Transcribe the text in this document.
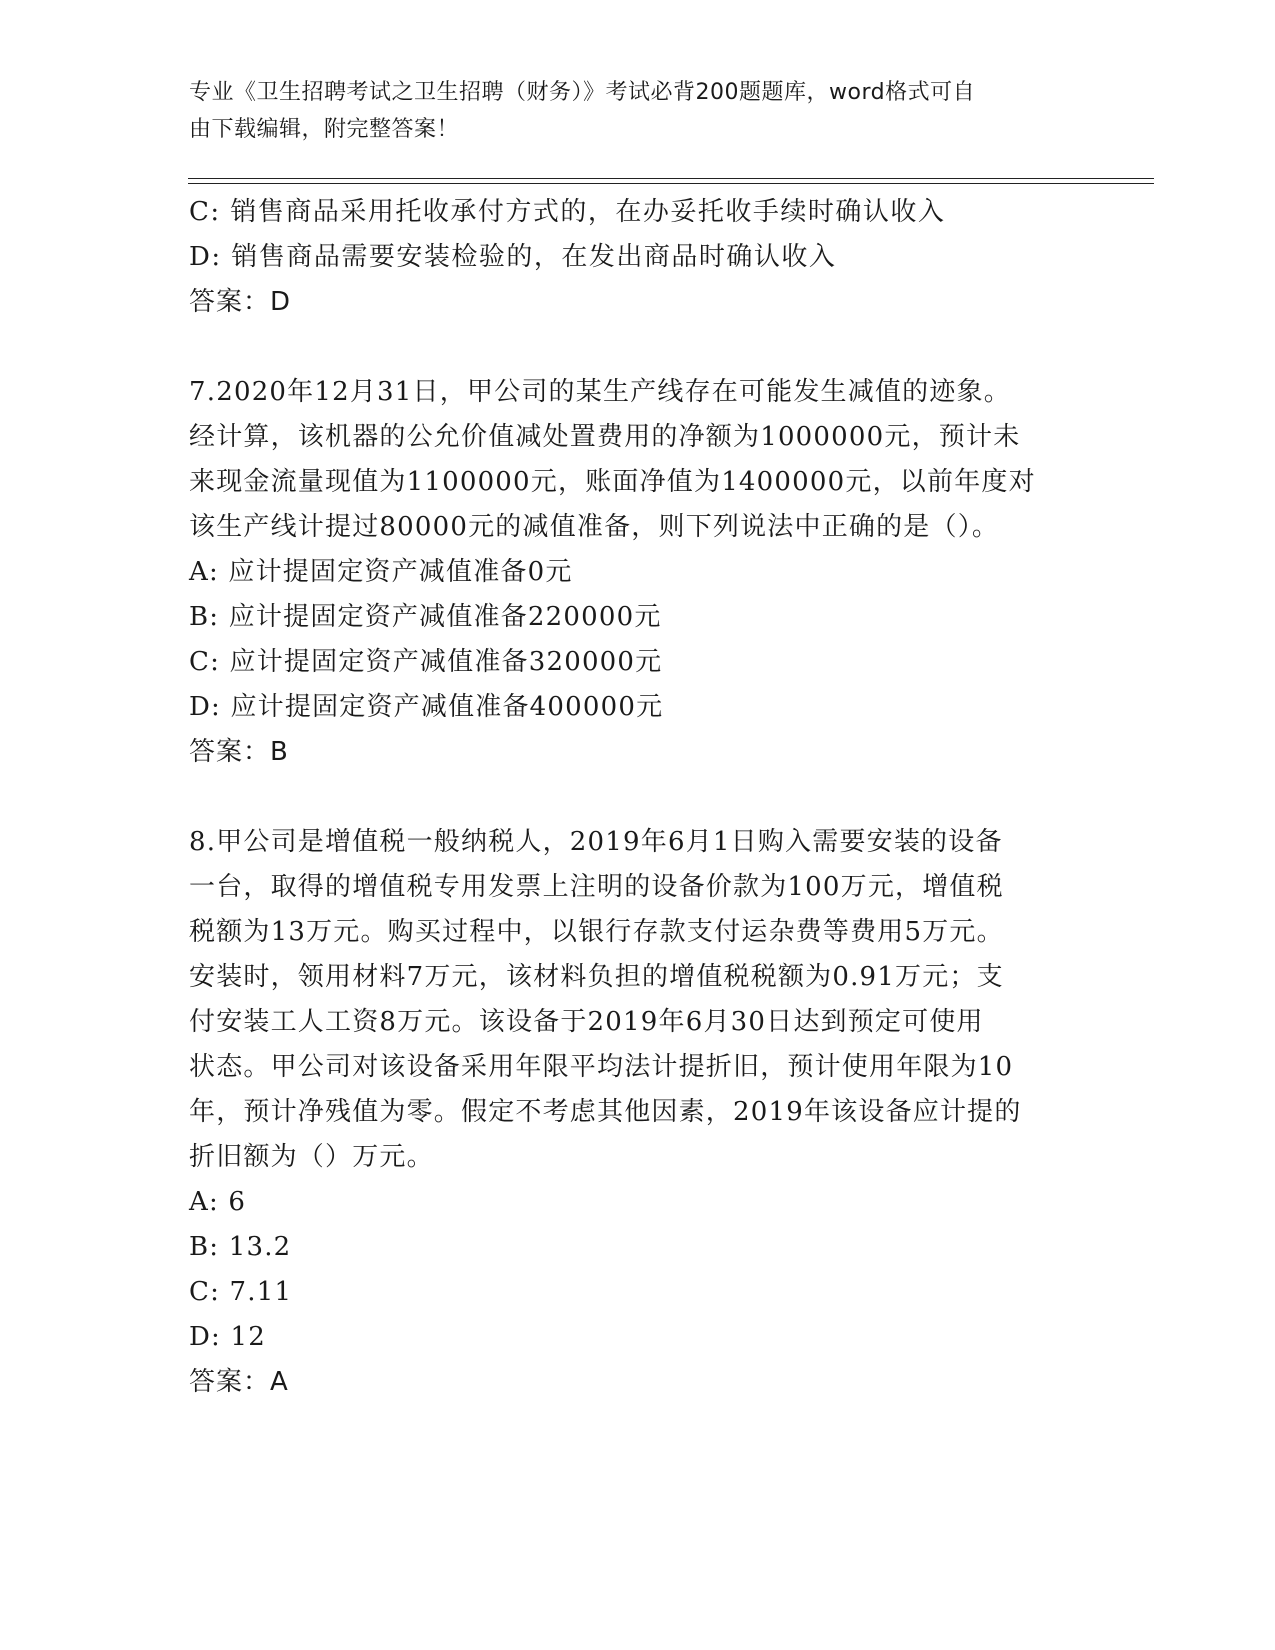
专业《卫生招聘考试之卫生招聘（财务）》考试必背200题题库，word格式可自
由下载编辑，附完整答案！
C: 销售商品采用托收承付方式的，在办妥托收手续时确认收入
D: 销售商品需要安装检验的，在发出商品时确认收入
答案：D
7.2020年12月31日，甲公司的某生产线存在可能发生减值的迹象。
经计算，该机器的公允价值减处置费用的净额为1000000元，预计未
来现金流量现值为1100000元，账面净值为1400000元，以前年度对
该生产线计提过80000元的减值准备，则下列说法中正确的是（）。
A: 应计提固定资产减值准备0元
B: 应计提固定资产减值准备220000元
C: 应计提固定资产减值准备320000元
D: 应计提固定资产减值准备400000元
答案：B
8.甲公司是增值税一般纳税人，2019年6月1日购入需要安装的设备
一台，取得的增值税专用发票上注明的设备价款为100万元，增值税
税额为13万元。购买过程中，以银行存款支付运杂费等费用5万元。
安装时，领用材料7万元，该材料负担的增值税税额为0.91万元；支
付安装工人工资8万元。该设备于2019年6月30日达到预定可使用
状态。甲公司对该设备采用年限平均法计提折旧，预计使用年限为10
年，预计净残值为零。假定不考虑其他因素，2019年该设备应计提的
折旧额为（）万元。
A: 6
B: 13.2
C: 7.11
D: 12
答案：A
